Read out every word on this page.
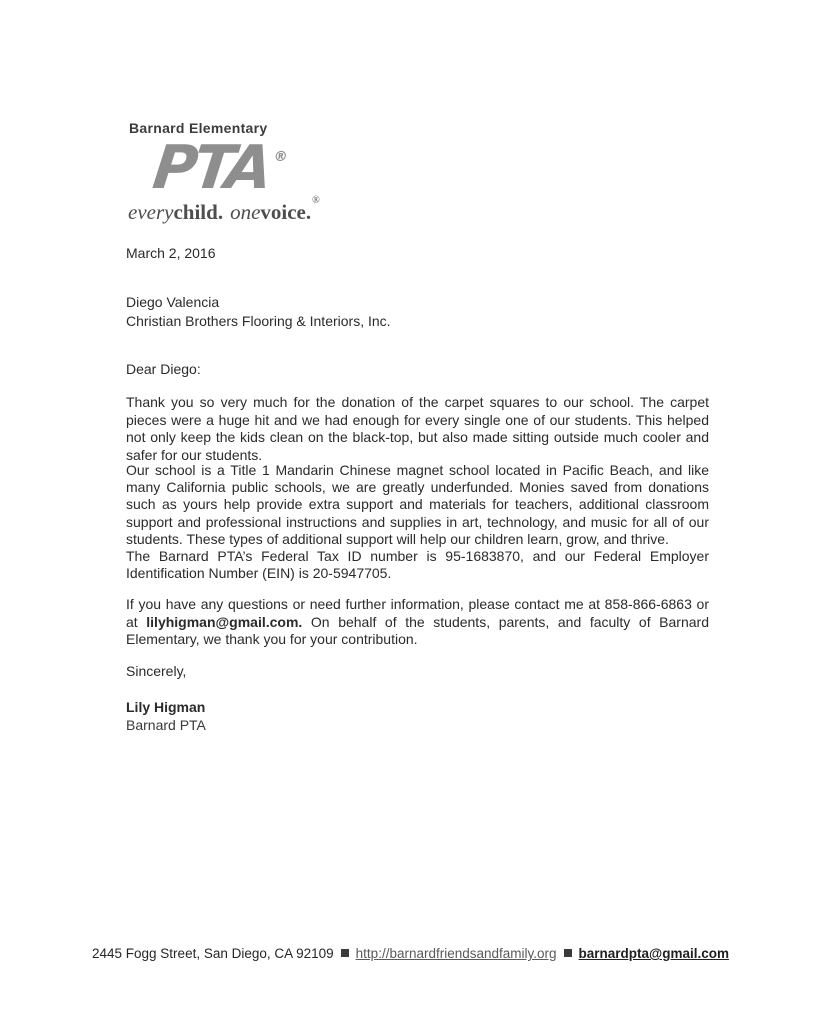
Barnard Elementary
PTA®
everychild. onevoice.®
March 2, 2016
Diego Valencia
Christian Brothers Flooring & Interiors, Inc.
Dear Diego:
Thank you so very much for the donation of the carpet squares to our school. The carpet pieces were a huge hit and we had enough for every single one of our students. This helped not only keep the kids clean on the black-top, but also made sitting outside much cooler and safer for our students.
Our school is a Title 1 Mandarin Chinese magnet school located in Pacific Beach, and like many California public schools, we are greatly underfunded. Monies saved from donations such as yours help provide extra support and materials for teachers, additional classroom support and professional instructions and supplies in art, technology, and music for all of our students. These types of additional support will help our children learn, grow, and thrive.
The Barnard PTA’s Federal Tax ID number is 95-1683870, and our Federal Employer Identification Number (EIN) is 20-5947705.
If you have any questions or need further information, please contact me at 858-866-6863 or at lilyhigman@gmail.com. On behalf of the students, parents, and faculty of Barnard Elementary, we thank you for your contribution.
Sincerely,
Lily Higman
Barnard PTA
2445 Fogg Street, San Diego, CA 92109 http://barnardfriendsandfamily.org barnardpta@gmail.com
